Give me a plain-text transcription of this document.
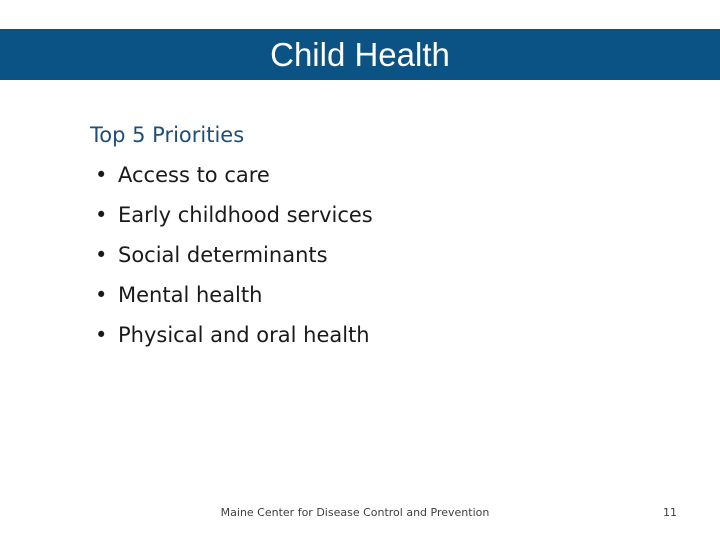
Child Health
Top 5 Priorities
• Access to care
• Early childhood services
• Social determinants
• Mental health
• Physical and oral health
Maine Center for Disease Control and Prevention	11
